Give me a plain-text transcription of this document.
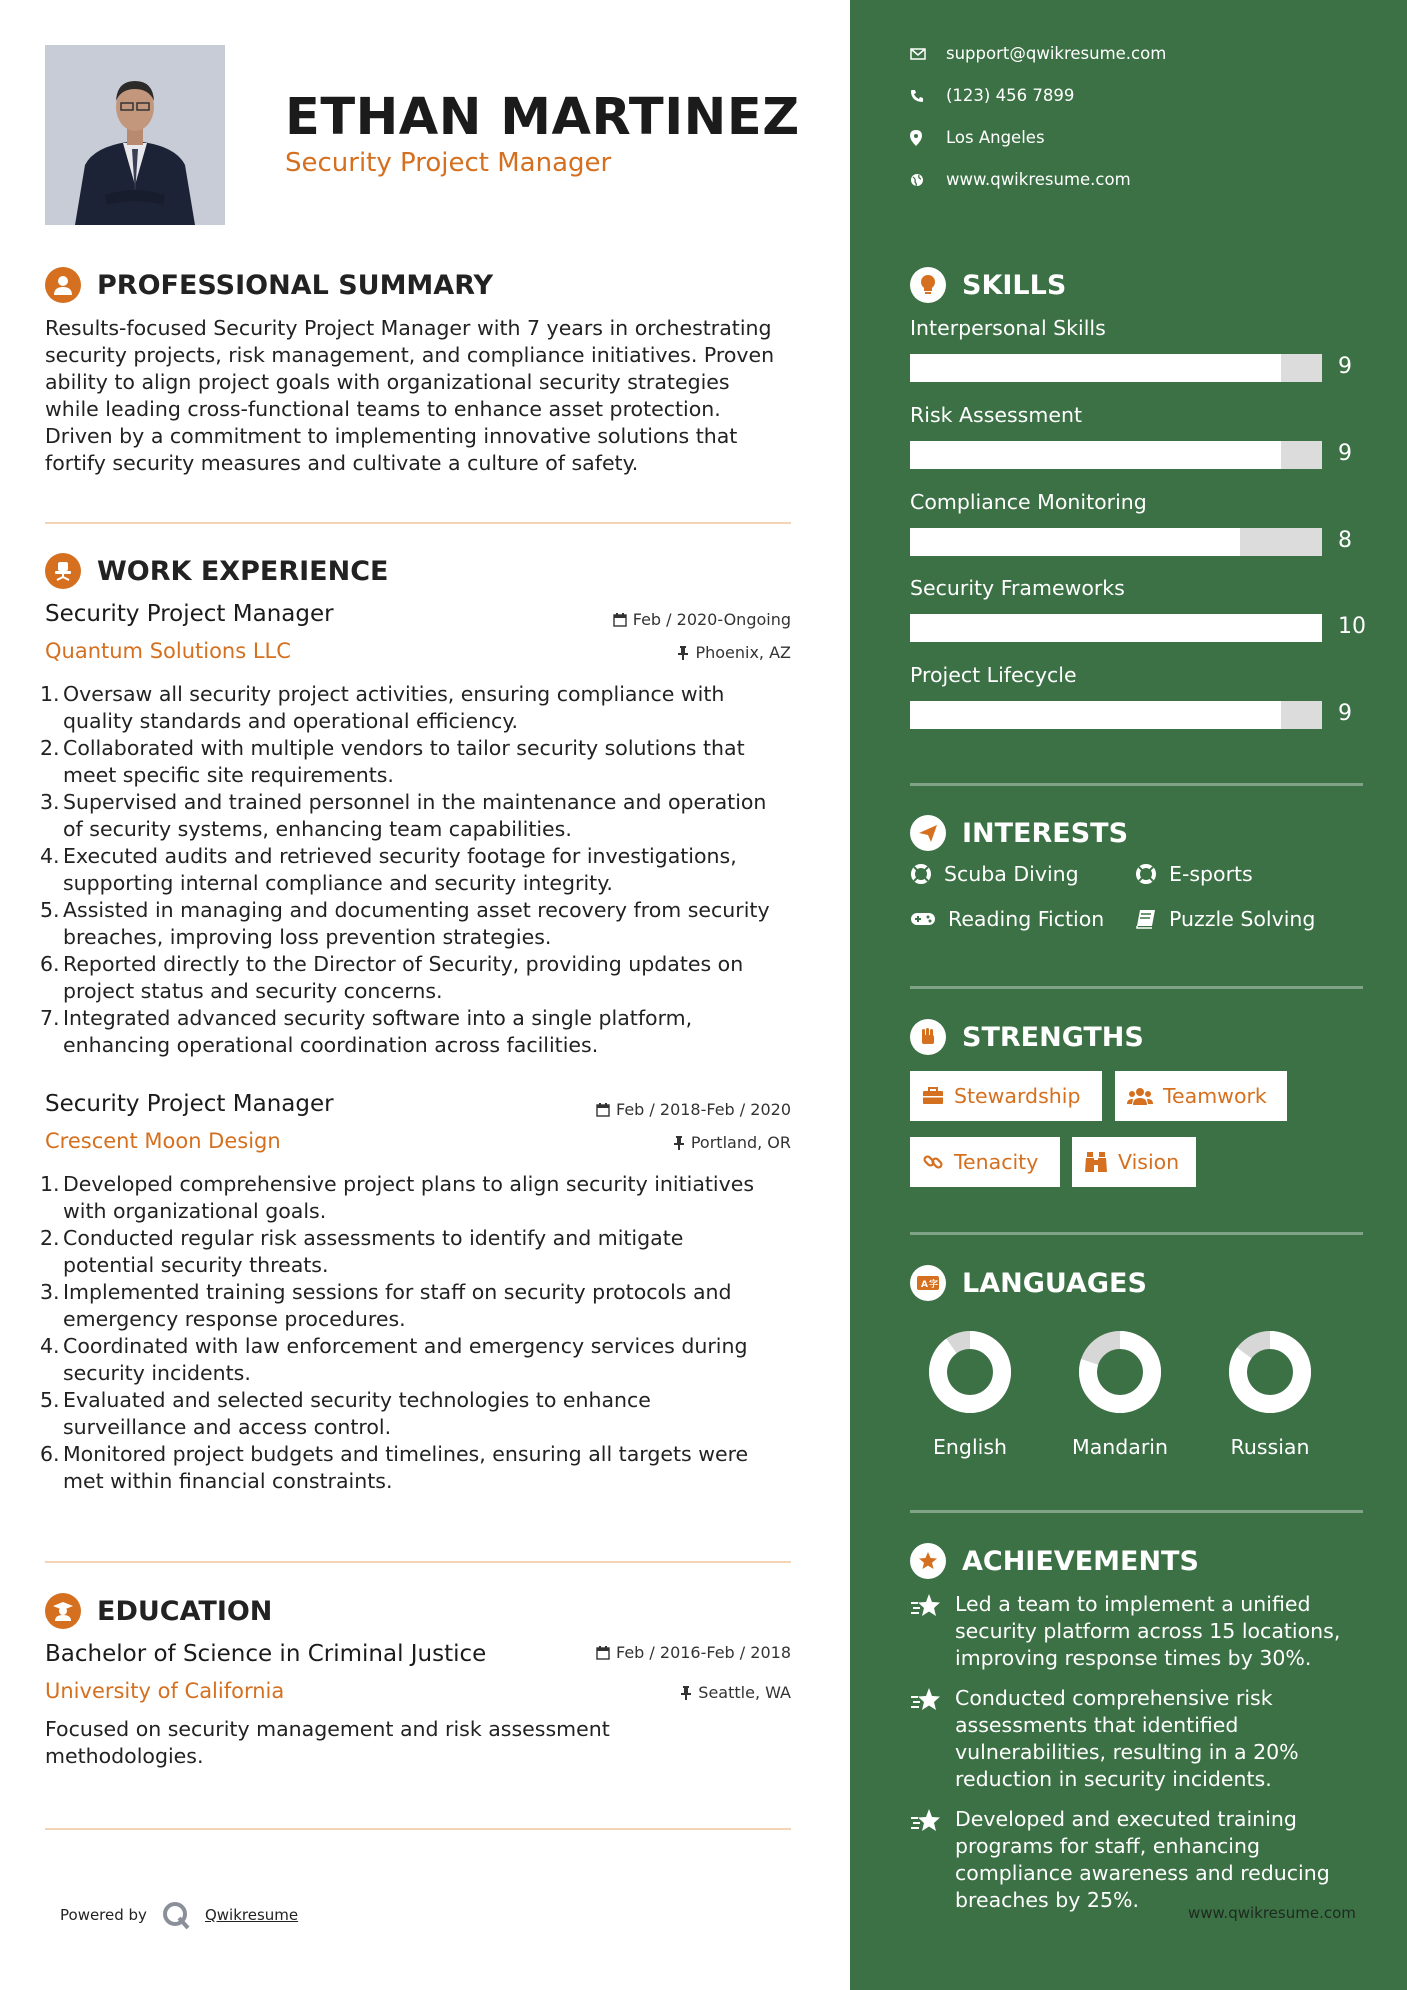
ETHAN MARTINEZ
Security Project Manager
PROFESSIONAL SUMMARY
Results-focused Security Project Manager with 7 years in orchestrating
security projects, risk management, and compliance initiatives. Proven
ability to align project goals with organizational security strategies
while leading cross-functional teams to enhance asset protection.
Driven by a commitment to implementing innovative solutions that
fortify security measures and cultivate a culture of safety.
WORK EXPERIENCE
Security Project Manager	Feb / 2020-Ongoing
Quantum Solutions LLC	Phoenix, AZ
1. Oversaw all security project activities, ensuring compliance with
quality standards and operational efficiency.
2. Collaborated with multiple vendors to tailor security solutions that
meet specific site requirements.
3. Supervised and trained personnel in the maintenance and operation
of security systems, enhancing team capabilities.
4. Executed audits and retrieved security footage for investigations,
supporting internal compliance and security integrity.
5. Assisted in managing and documenting asset recovery from security
breaches, improving loss prevention strategies.
6. Reported directly to the Director of Security, providing updates on
project status and security concerns.
7. Integrated advanced security software into a single platform,
enhancing operational coordination across facilities.
Security Project Manager	Feb / 2018-Feb / 2020
Crescent Moon Design	Portland, OR
1. Developed comprehensive project plans to align security initiatives
with organizational goals.
2. Conducted regular risk assessments to identify and mitigate
potential security threats.
3. Implemented training sessions for staff on security protocols and
emergency response procedures.
4. Coordinated with law enforcement and emergency services during
security incidents.
5. Evaluated and selected security technologies to enhance
surveillance and access control.
6. Monitored project budgets and timelines, ensuring all targets were
met within financial constraints.
EDUCATION
Bachelor of Science in Criminal Justice	Feb / 2016-Feb / 2018
University of California	Seattle, WA
Focused on security management and risk assessment
methodologies.
Powered by	Qwikresume
support@qwikresume.com
(123) 456 7899
Los Angeles
www.qwikresume.com
SKILLS
Interpersonal Skills
9
Risk Assessment
9
Compliance Monitoring
8
Security Frameworks
10
Project Lifecycle
9
INTERESTS
Scuba Diving	E-sports
Reading Fiction	Puzzle Solving
STRENGTHS
Stewardship	Teamwork
Tenacity	Vision
A 字 LANGUAGES
English	Mandarin	Russian
ACHIEVEMENTS
Led a team to implement a unified
security platform across 15 locations,
improving response times by 30%.
Conducted comprehensive risk
assessments that identified
vulnerabilities, resulting in a 20%
reduction in security incidents.
Developed and executed training
programs for staff, enhancing
compliance awareness and reducing
breaches by 25%.
www.qwikresume.com
